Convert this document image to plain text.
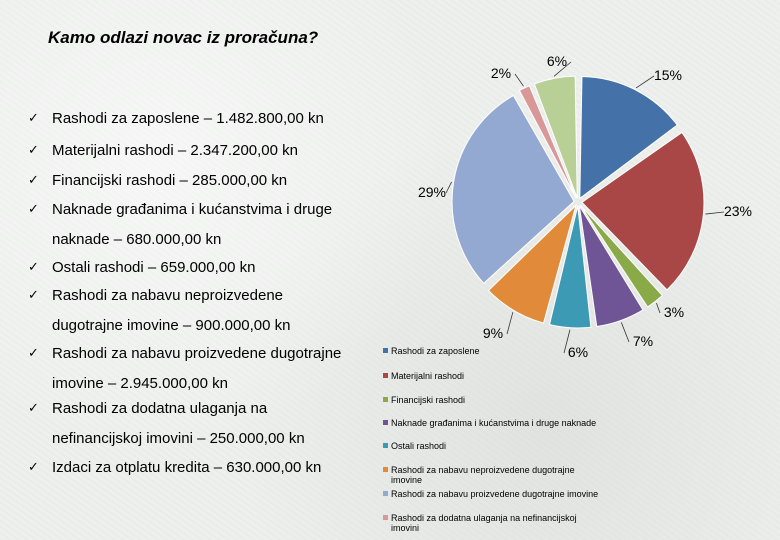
Kamo odlazi novac iz proračuna?
✓ Rashodi za zaposlene – 1.482.800,00 kn
✓ Materijalni rashodi – 2.347.200,00 kn
✓ Financijski rashodi – 285.000,00 kn
✓ Naknade građanima i kućanstvima i druge
naknade – 680.000,00 kn
✓ Ostali rashodi – 659.000,00 kn
✓ Rashodi za nabavu neproizvedene
dugotrajne imovine – 900.000,00 kn
✓ Rashodi za nabavu proizvedene dugotrajne
imovine – 2.945.000,00 kn
✓ Rashodi za dodatna ulaganja na
nefinancijskoj imovini – 250.000,00 kn
✓ Izdaci za otplatu kredita – 630.000,00 kn
15%
23%
3%
7%
6%
9%
29%
2%
6%
Rashodi za zaposlene
Materijalni rashodi
Financijski rashodi
Naknade građanima i kućanstvima i druge naknade
Ostali rashodi
Rashodi za nabavu neproizvedene dugotrajne imovine
Rashodi za nabavu proizvedene dugotrajne imovine
Rashodi za dodatna ulaganja na nefinancijskoj imovini
